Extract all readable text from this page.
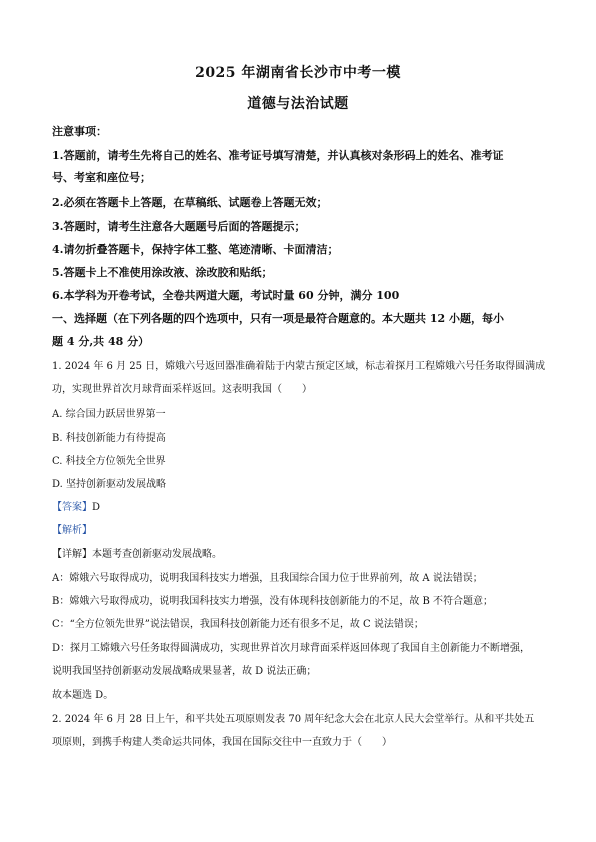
2025 年湖南省长沙市中考一模
道德与法治试题
注意事项：
1.答题前，请考生先将自己的姓名、准考证号填写清楚，并认真核对条形码上的姓名、准考证
号、考室和座位号；
2.必须在答题卡上答题，在草稿纸、试题卷上答题无效；
3.答题时，请考生注意各大题题号后面的答题提示；
4.请勿折叠答题卡，保持字体工整、笔迹清晰、卡面清洁；
5.答题卡上不准使用涂改液、涂改胶和贴纸；
6.本学科为开卷考试，全卷共两道大题，考试时量 60 分钟，满分 100
一、选择题（在下列各题的四个选项中，只有一项是最符合题意的。本大题共 12 小题，每小
题 4 分,共 48 分）
1. 2024 年 6 月 25 日，嫦娥六号返回器准确着陆于内蒙古预定区域，标志着探月工程嫦娥六号任务取得圆满成
功，实现世界首次月球背面采样返回。这表明我国（　　）
A. 综合国力跃居世界第一
B. 科技创新能力有待提高
C. 科技全方位领先全世界
D. 坚持创新驱动发展战略
【答案】D
【解析】
【详解】本题考查创新驱动发展战略。
A：嫦娥六号取得成功，说明我国科技实力增强，且我国综合国力位于世界前列，故 A 说法错误；
B：嫦娥六号取得成功，说明我国科技实力增强，没有体现科技创新能力的不足，故 B 不符合题意；
C：“全方位领先世界”说法错误，我国科技创新能力还有很多不足，故 C 说法错误；
D：探月工嫦娥六号任务取得圆满成功，实现世界首次月球背面采样返回体现了我国自主创新能力不断增强，
说明我国坚持创新驱动发展战略成果显著，故 D 说法正确；
故本题选 D。
2. 2024 年 6 月 28 日上午，和平共处五项原则发表 70 周年纪念大会在北京人民大会堂举行。从和平共处五
项原则，到携手构建人类命运共同体，我国在国际交往中一直致力于（　　）
